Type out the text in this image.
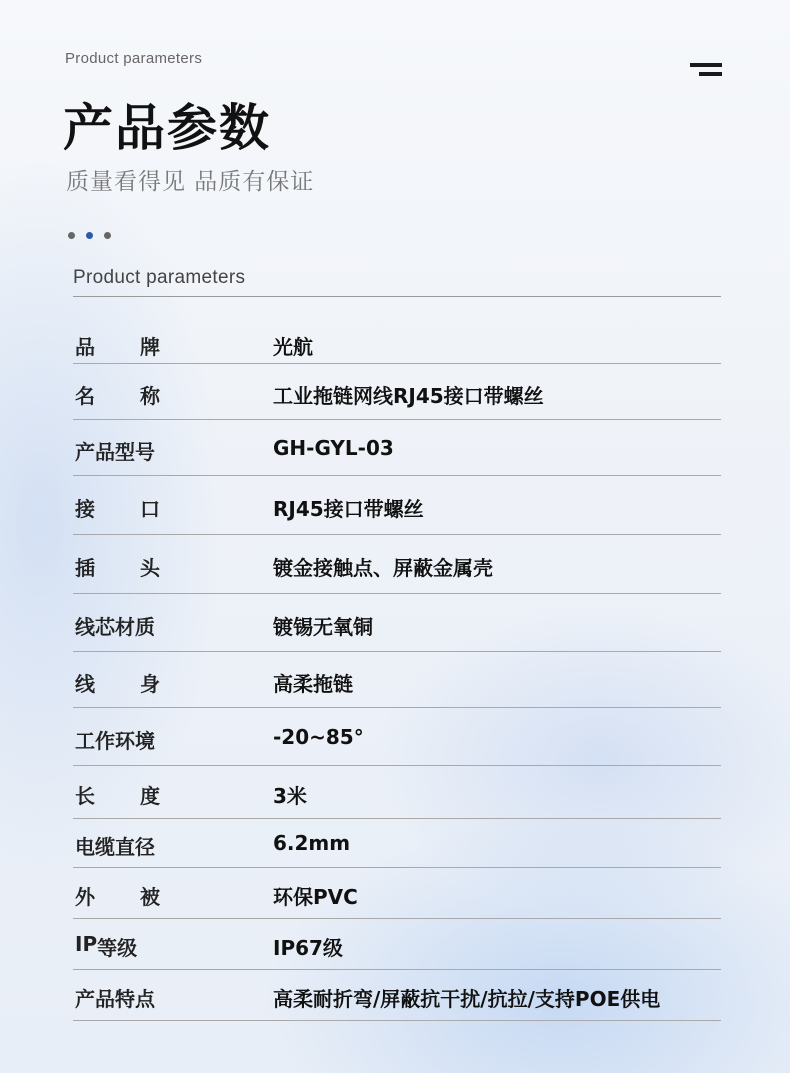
Product parameters
产品参数
质量看得见 品质有保证

Product parameters
品 牌	光航
名 称	工业拖链网线RJ45接口带螺丝
产 品 型 号	GH-GYL-03
接 口	RJ45接口带螺丝
插 头	镀金接触点、屏蔽金属壳
线 芯 材 质	镀锡无氧铜
线 身	高柔拖链
工 作 环 境	-20~85°
长 度	3米
电 缆 直 径	6.2mm
外 被	环保PVC
I P 等 级	IP67级
产 品 特 点	高柔耐折弯/屏蔽抗干扰/抗拉/支持POE供电
